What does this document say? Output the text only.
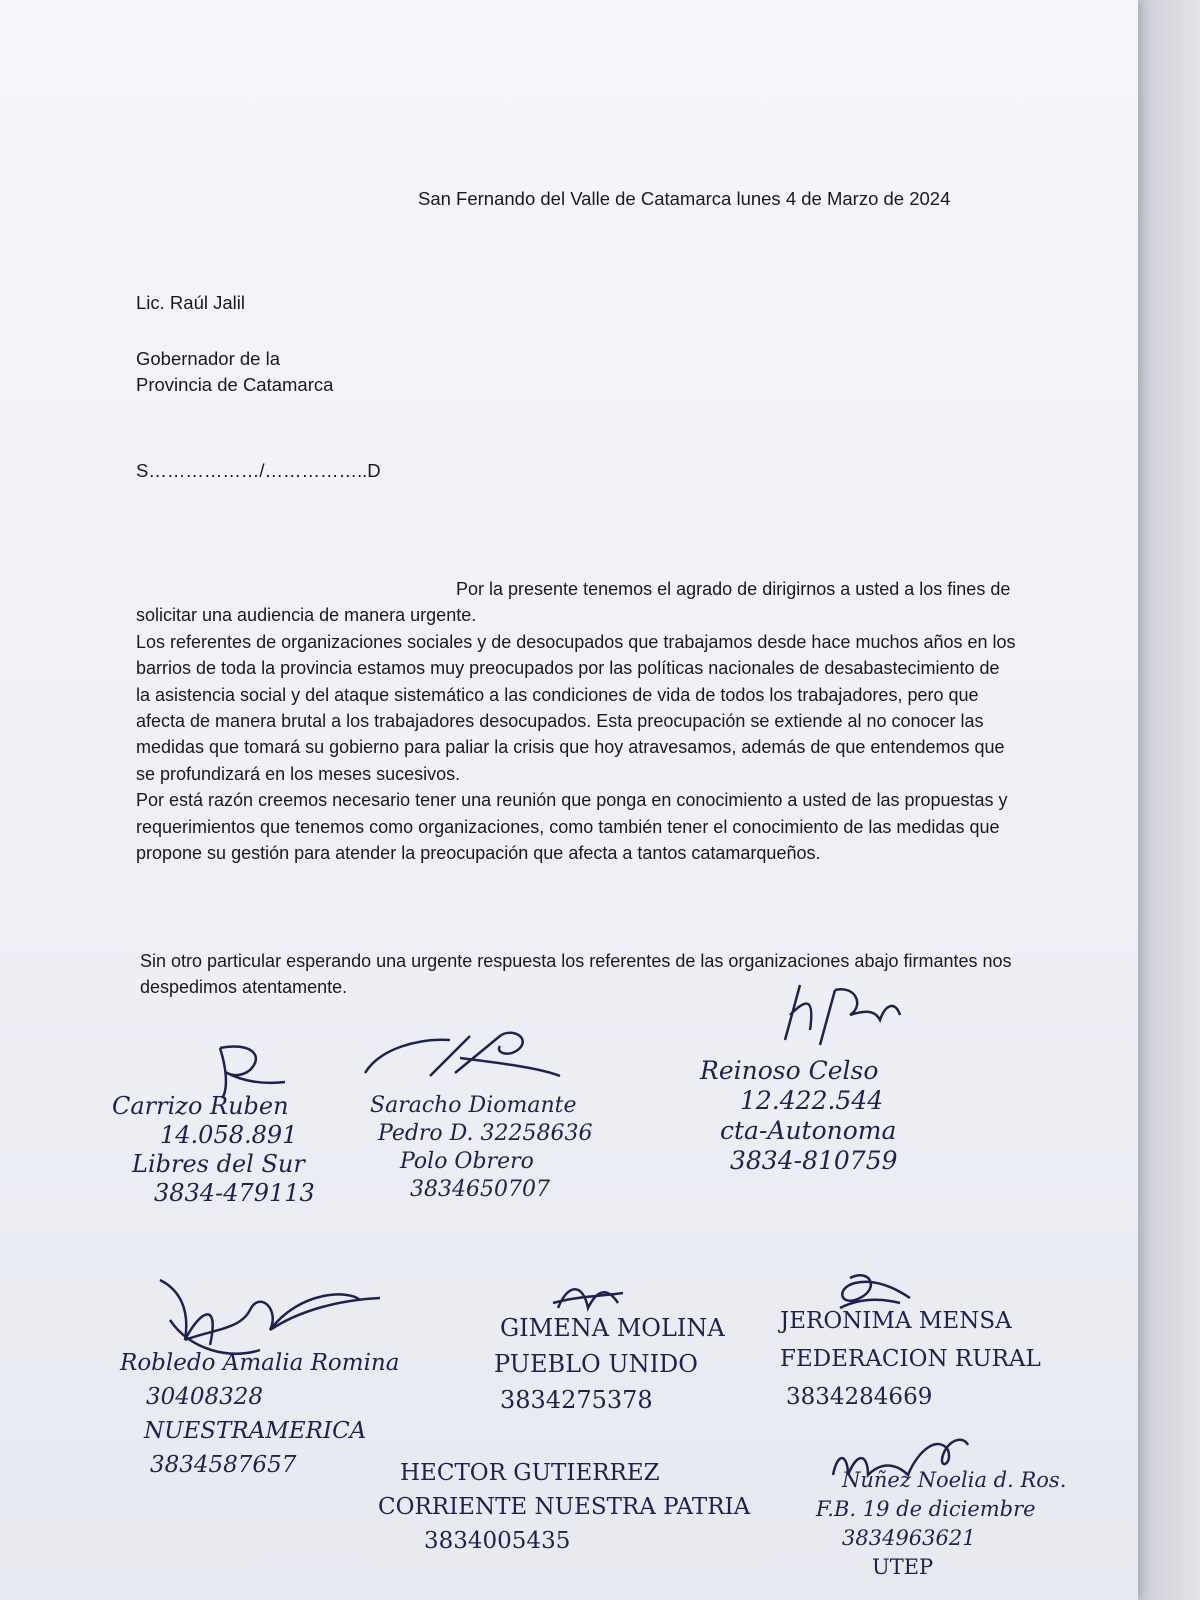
San Fernando del Valle de Catamarca lunes 4 de Marzo de 2024
Lic. Raúl Jalil
Gobernador de la
Provincia de Catamarca
S………………/……………..D

Por la presente tenemos el agrado de dirigirnos a usted a los fines de solicitar una audiencia de manera urgente.

Los referentes de organizaciones sociales y de desocupados que trabajamos desde hace muchos años en los barrios de toda la provincia estamos muy preocupados por las políticas nacionales de desabastecimiento de la asistencia social y del ataque sistemático a las condiciones de vida de todos los trabajadores, pero que afecta de manera brutal a los trabajadores desocupados. Esta preocupación se extiende al no conocer las medidas que tomará su gobierno para paliar la crisis que hoy atravesamos, además de que entendemos que se profundizará en los meses sucesivos.

Por está razón creemos necesario tener una reunión que ponga en conocimiento a usted de las propuestas y requerimientos que tenemos como organizaciones, como también tener el conocimiento de las medidas que propone su gestión para atender la preocupación que afecta a tantos catamarqueños.

Sin otro particular esperando una urgente respuesta los referentes de las organizaciones abajo firmantes nos despedimos atentamente.
Carrizo Ruben
14.058.891
Libres del Sur
3834-479113
Saracho Diomante
Pedro D. 32258636
Polo Obrero
3834650707
Reinoso Celso
12.422.544
cta-Autonoma
3834-810759
Robledo Amalia Romina
30408328
NUESTRAMERICA
3834587657
GIMENA MOLINA
PUEBLO UNIDO
3834275378
HECTOR GUTIERREZ
CORRIENTE NUESTRA PATRIA
3834005435
JERONIMA MENSA
FEDERACION RURAL
3834284669
Nuñez Noelia d. Ros.
F.B. 19 de diciembre
3834963621
UTEP
